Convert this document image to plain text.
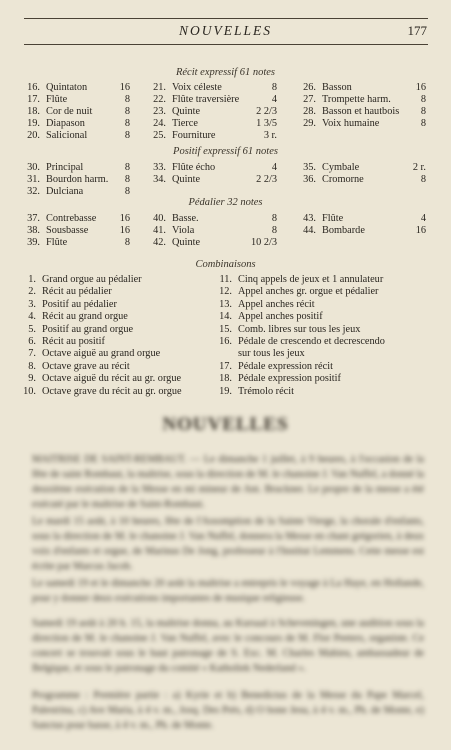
NOUVELLES	177
Récit expressif 61 notes
16. Quintaton	16
17. Flûte	8
18. Cor de nuit	8
19. Diapason	8
20. Salicional	8
21. Voix céleste	8
22. Flûte traversière	4
23. Quinte	2 2/3
24. Tierce	1 3/5
25. Fourniture	3 r.
26. Basson	16
27. Trompette harm.	8
28. Basson et hautbois	8
29. Voix humaine	8
Positif expressif 61 notes
30. Principal	8
31. Bourdon harm.	8
32. Dulciana	8
33. Flûte écho	4
34. Quinte	2 2/3
35. Cymbale	2 r.
36. Cromorne	8
Pédalier 32 notes
37. Contrebasse	16
38. Sousbasse	16
39. Flûte	8
40. Basse.	8
41. Viola	8
42. Quinte	10 2/3
43. Flûte	4
44. Bombarde	16
Combinaisons
1. Grand orgue au pédalier
2. Récit au pédalier
3. Positif au pédalier
4. Récit au grand orgue
5. Positif au grand orgue
6. Récit au positif
7. Octave aiguë au grand orgue
8. Octave grave au récit
9. Octave aiguë du récit au gr. orgue
10. Octave grave du récit au gr. orgue
11. Cinq appels de jeux et 1 annulateur
12. Appel anches gr. orgue et pédalier
13. Appel anches récit
14. Appel anches positif
15. Comb. libres sur tous les jeux
16. Pédale de crescendo et decrescendo
sur tous les jeux
17. Pédale expression récit
18. Pédale expression positif
19. Trémolo récit
NOUVELLES
MAITRISE DE SAINT-REMBAUT. — Le dimanche 1 juillet, à 9 heures, à l'occasion de la fête de saint Rombaut, la maîtrise, sous la direction de M. le chanoine J. Van Nuffel, a donné la deuxième exécution de la Messe en mi mineur de Ant. Bruckner. Le propre de la messe a été exécuté par le maîtrise de Saint-Rombaut.
Le mardi 15 août, à 10 heures, fête de l'Assomption de la Sainte Vierge, la chorale d'enfants, sous la direction de M. le chanoine J. Van Nuffel, donnera la Messe en chant grégorien, à deux voix d'enfants et orgue, de Marinus De Jong, professeur à l'Institut Lemmens. Cette messe est écrite par Marcus Jacob.
Le samedi 19 et le dimanche 20 août la maîtrise a entrepris le voyage à La Haye, en Hollande, pour y donner deux exécutions importantes de musique religieuse.
Samedi 19 août à 20 h. 15, la maîtrise donna, au Kursaal à Scheveningen, une audition sous la direction de M. le chanoine J. Van Nuffel, avec le concours de M. Flor Peeters, organiste. Ce concert se trouvait sous le haut patronage de S. Exc. M. Charles Mahieu, ambassadeur de Belgique, et sous le patronage du comité « Katholiek Nederland ».
Programme : Première partie : a) Kyrie et b) Benedictus de la Messe du Pape Marcel, Palestrina, c) Ave Maria, à 4 v. m., Josq. Des Prés, d) O bone Jesu, à 4 v. m., Ph. de Monte, e) Sanctus pour basse, à 4 v. m., Ph. de Monte.
